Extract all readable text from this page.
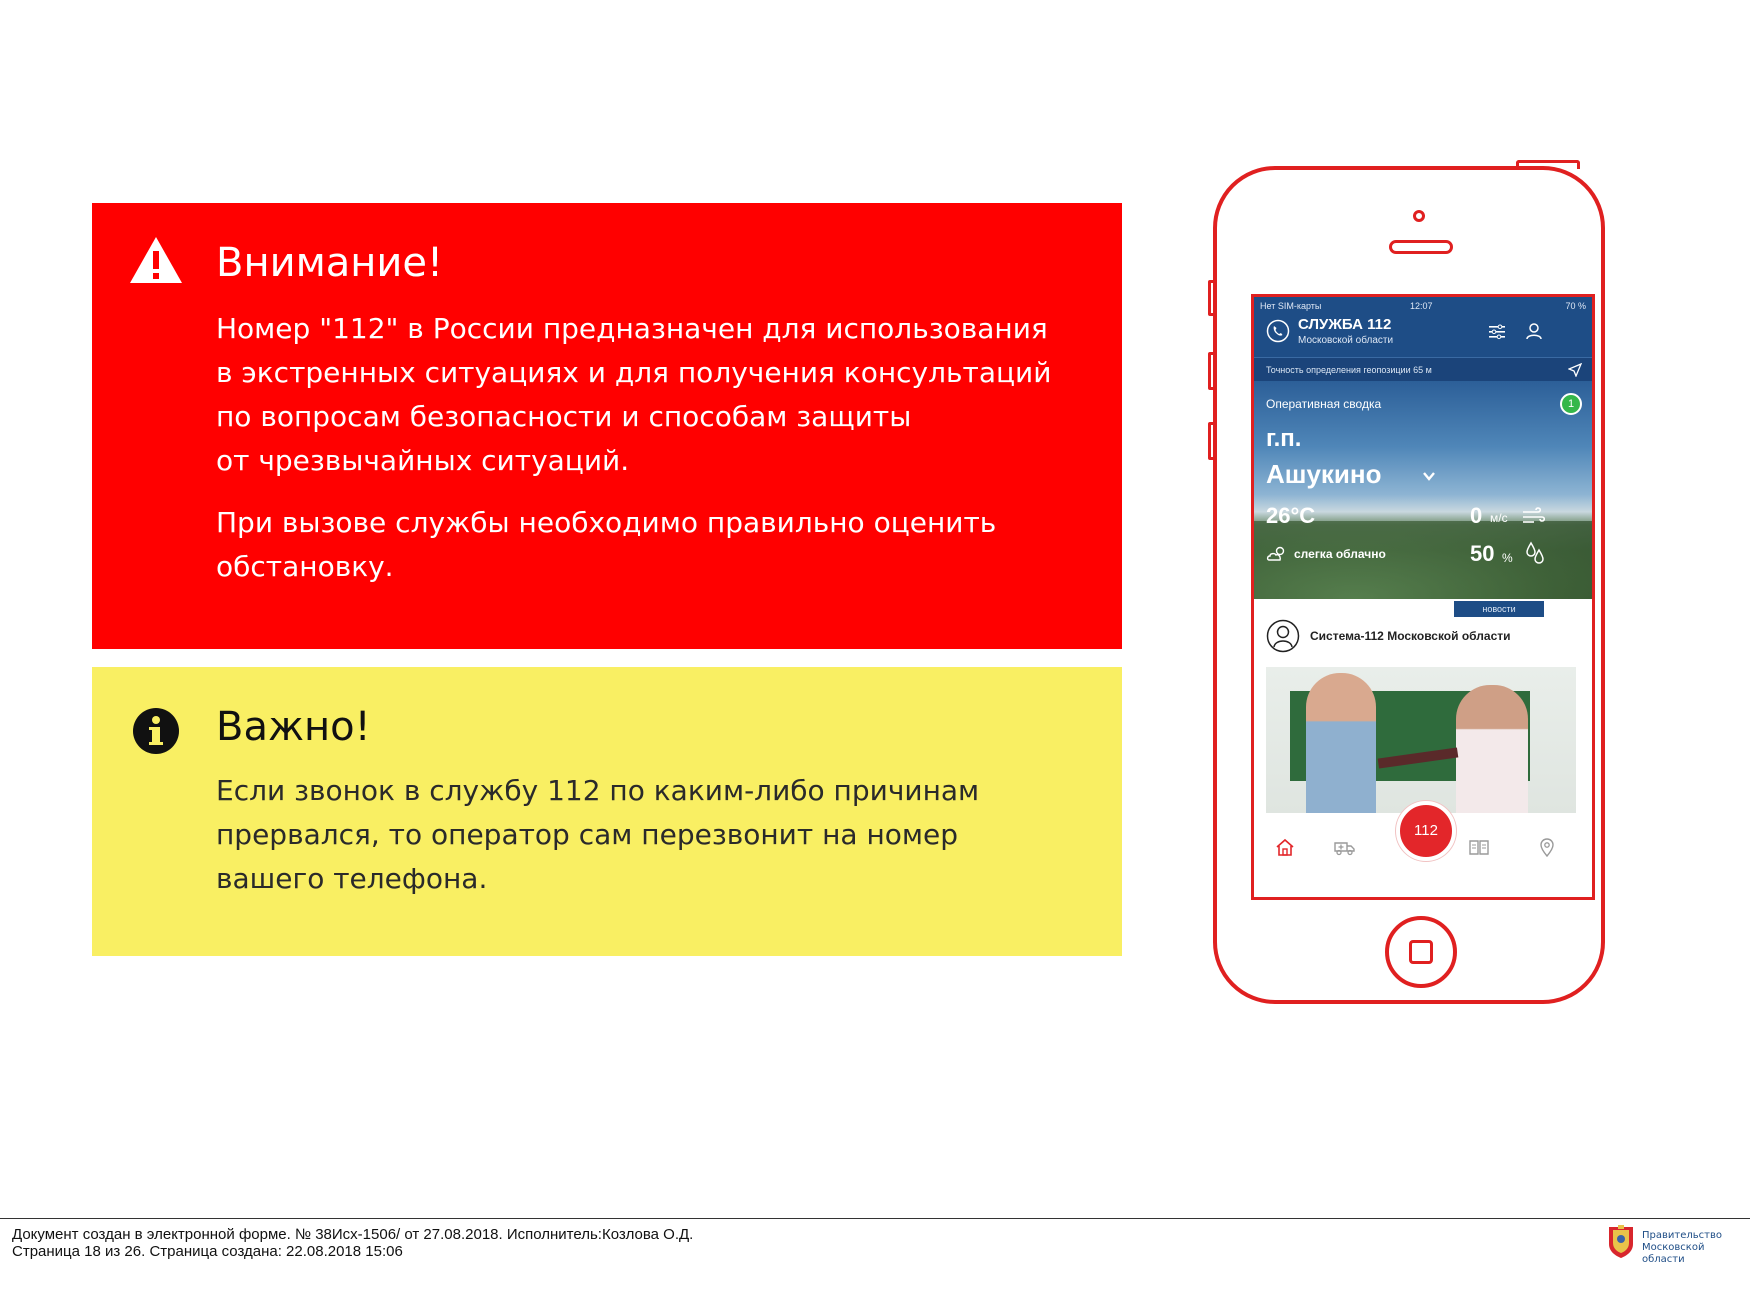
Внимание!
Номер "112" в России предназначен для использования
в экстренных ситуациях и для получения консультаций
по вопросам безопасности и способам защиты
от чрезвычайных ситуаций.
При вызове службы необходимо правильно оценить
обстановку.
Важно!
Если звонок в службу 112 по каким-либо причинам
прервался, то оператор сам перезвонит на номер
вашего телефона.
Нет SIM-карты	12:07	70 %
СЛУЖБА 112
Московской области
Точность определения геопозиции 65 м
Оперативная сводка	1
г.п.
Ашукино
26°C	0 м/с
слегка облачно	50 %
новости
Система-112 Московской области
112
Документ создан в электронной форме. № 38Исх-1506/ от 27.08.2018. Исполнитель:Козлова О.Д.
Страница 18 из 26. Страница создана: 22.08.2018 15:06
Правительство
Московской области
